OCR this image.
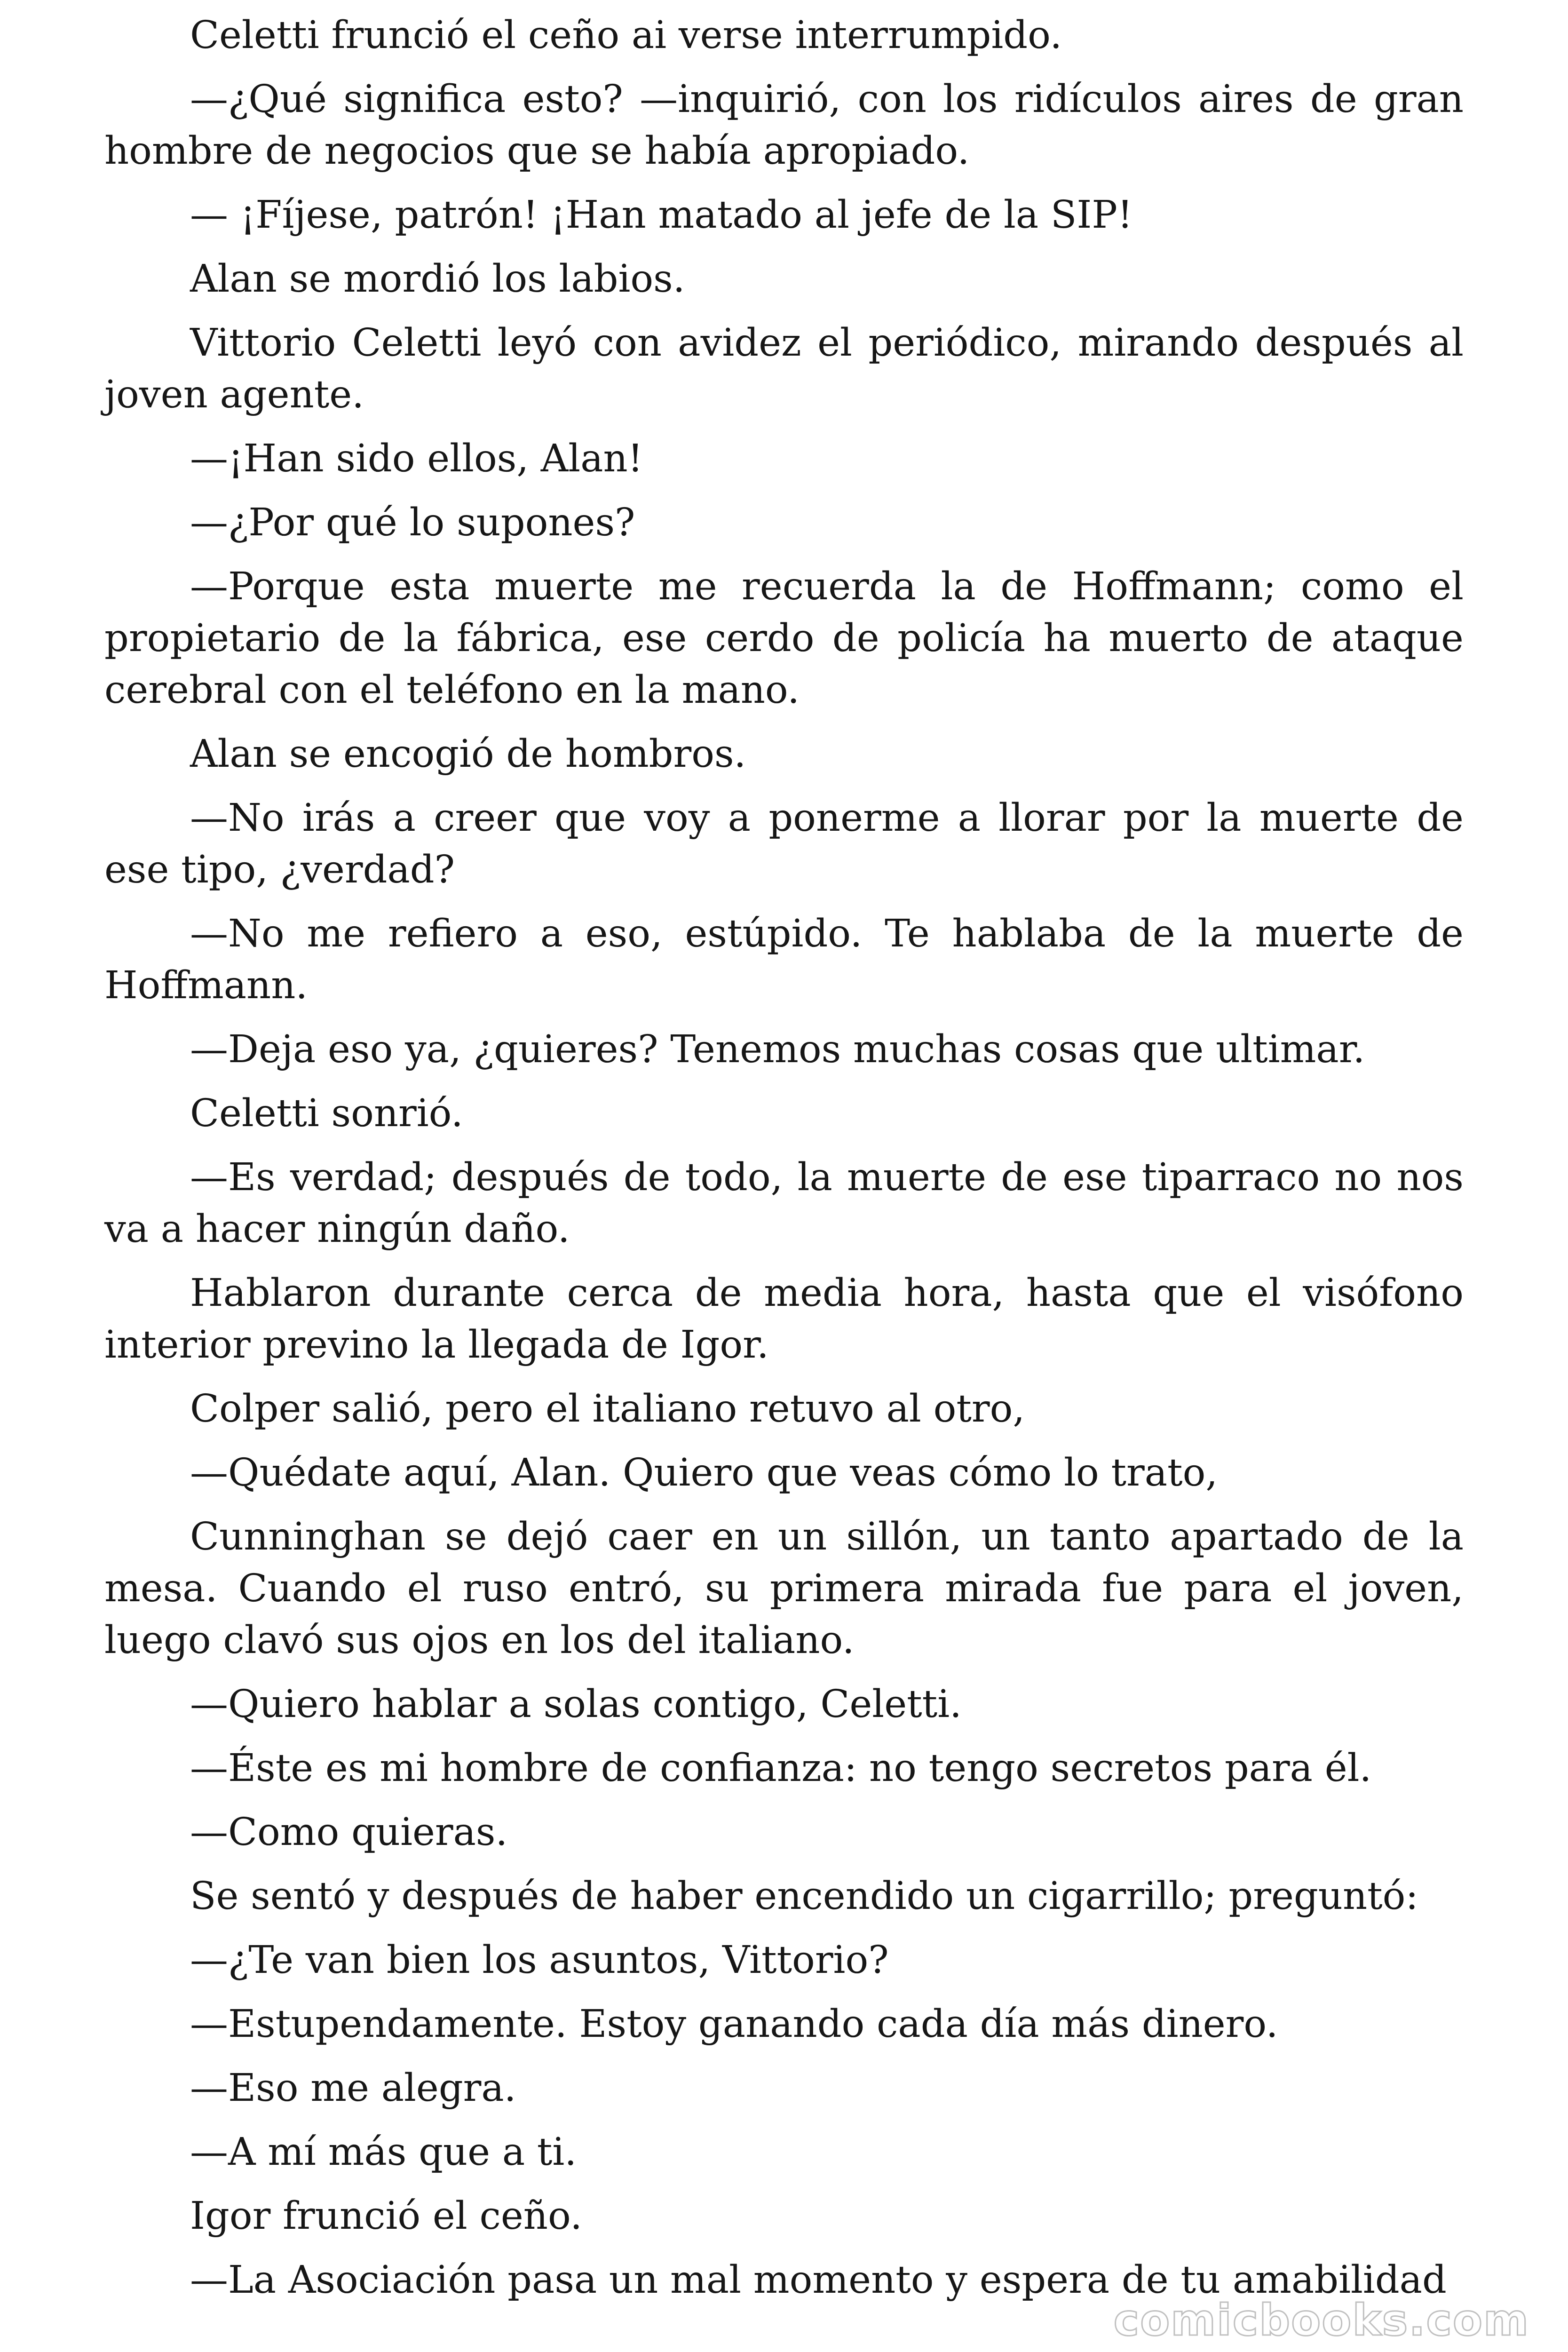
Celetti frunció el ceño ai verse interrumpido.

—¿Qué significa esto? —inquirió, con los ridículos aires de gran hombre de negocios que se había apropiado.

— ¡Fíjese, patrón! ¡Han matado al jefe de la SIP!

Alan se mordió los labios.

Vittorio Celetti leyó con avidez el periódico, mirando después al joven agente.

—¡Han sido ellos, Alan!

—¿Por qué lo supones?

—Porque esta muerte me recuerda la de Hoffmann; como el propietario de la fábrica, ese cerdo de policía ha muerto de ataque cerebral con el teléfono en la mano.

Alan se encogió de hombros.

—No irás a creer que voy a ponerme a llorar por la muerte de ese tipo, ¿verdad?

—No me refiero a eso, estúpido. Te hablaba de la muerte de Hoffmann.

—Deja eso ya, ¿quieres? Tenemos muchas cosas que ultimar.

Celetti sonrió.

—Es verdad; después de todo, la muerte de ese tiparraco no nos va a hacer ningún daño.

Hablaron durante cerca de media hora, hasta que el visófono interior previno la llegada de Igor.

Colper salió, pero el italiano retuvo al otro,

—Quédate aquí, Alan. Quiero que veas cómo lo trato,

Cunninghan se dejó caer en un sillón, un tanto apartado de la mesa. Cuando el ruso entró, su primera mirada fue para el joven, luego clavó sus ojos en los del italiano.

—Quiero hablar a solas contigo, Celetti.

—Éste es mi hombre de confianza: no tengo secretos para él.

—Como quieras.

Se sentó y después de haber encendido un cigarrillo; preguntó:

—¿Te van bien los asuntos, Vittorio?

—Estupendamente. Estoy ganando cada día más dinero.

—Eso me alegra.

—A mí más que a ti.

Igor frunció el ceño.

—La Asociación pasa un mal momento y espera de tu amabilidad

comicbooks.com
